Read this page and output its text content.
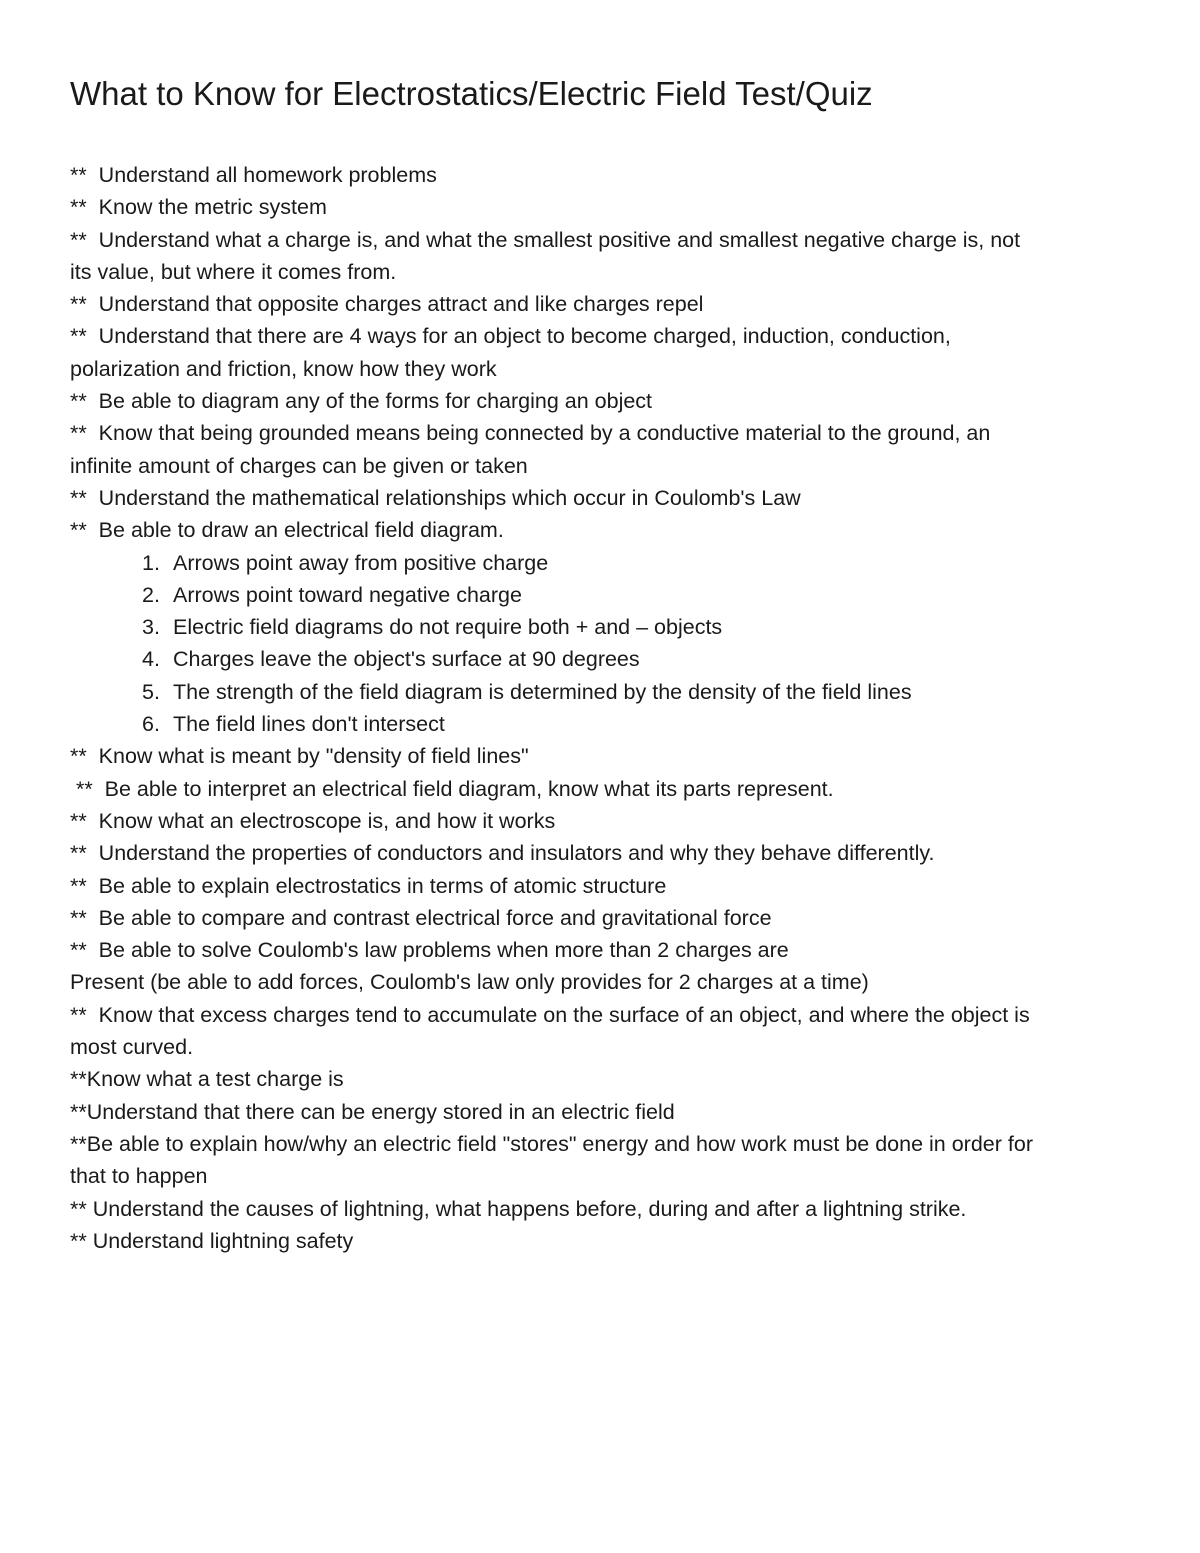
What to Know for Electrostatics/Electric Field Test/Quiz

**  Understand all homework problems

**  Know the metric system

**  Understand what a charge is, and what the smallest positive and smallest negative charge is, not

its value, but where it comes from.

**  Understand that opposite charges attract and like charges repel

**  Understand that there are 4 ways for an object to become charged, induction, conduction,

polarization and friction, know how they work

**  Be able to diagram any of the forms for charging an object

**  Know that being grounded means being connected by a conductive material to the ground, an

infinite amount of charges can be given or taken

**  Understand the mathematical relationships which occur in Coulomb's Law

**  Be able to draw an electrical field diagram.

1. Arrows point away from positive charge
2. Arrows point toward negative charge
3. Electric field diagrams do not require both + and – objects
4. Charges leave the object's surface at 90 degrees
5. The strength of the field diagram is determined by the density of the field lines
6. The field lines don't intersect

**  Know what is meant by "density of field lines"

**  Be able to interpret an electrical field diagram, know what its parts represent.

**  Know what an electroscope is, and how it works

**  Understand the properties of conductors and insulators and why they behave differently.

**  Be able to explain electrostatics in terms of atomic structure

**  Be able to compare and contrast electrical force and gravitational force

**  Be able to solve Coulomb's law problems when more than 2 charges are

Present (be able to add forces, Coulomb's law only provides for 2 charges at a time)

**  Know that excess charges tend to accumulate on the surface of an object, and where the object is

most curved.

**Know what a test charge is

**Understand that there can be energy stored in an electric field

**Be able to explain how/why an electric field "stores" energy and how work must be done in order for

that to happen

** Understand the causes of lightning, what happens before, during and after a lightning strike.

** Understand lightning safety
